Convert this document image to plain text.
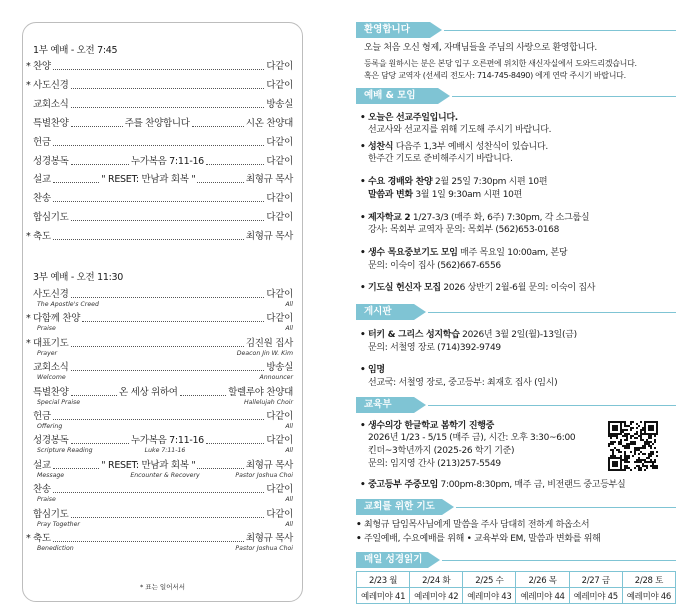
1부 예배 - 오전 7:45
3부 예배 - 오전 11:30
* 표는 일어서서
* 찬양	다같이
* 사도신경	다같이
교회소식	방송실
특별찬양	주를 찬양합니다	시온 찬양대
헌금	다같이
성경봉독	누가복음 7:11-16	다같이
설교	" RESET: 만남과 회복 "	최형규 목사
찬송	다같이
합심기도	다같이
* 축도	최형규 목사
사도신경	다같이
The Apostle's Creed	All
* 다함께 찬양	다같이
Praise	All
* 대표기도	김진원 집사
Prayer	Deacon Jin W. Kim
교회소식	방송실
Welcome	Announcer
특별찬양	온 세상 위하여	할렐루야 찬양대
Special Praise	Hallelujah Choir
헌금	다같이
Offering	All
성경봉독	누가복음 7:11-16	다같이
Scripture Reading	Luke 7:11-16	All
설교	" RESET: 만남과 회복 "	최형규 목사
Message	Encounter & Recovery	Pastor Joshua Choi
찬송	다같이
Praise	All
합심기도	다같이
Pray Together	All
* 축도	최형규 목사
Benediction	Pastor Joshua Choi
환영합니다
오늘 처음 오신 형제, 자매님들을 주님의 사랑으로 환영합니다.
등록을 원하시는 분은 본당 입구 오른편에 위치한 새신자실에서 도와드리겠습니다.
혹은 담당 교역자 (선세리 전도사: 714-745-8490) 에게 연락 주시기 바랍니다.
예배 & 모임
• 오늘은 선교주일입니다.
선교사와 선교지를 위해 기도해 주시기 바랍니다.
• 성찬식 다음주 1,3부 예배시 성찬식이 있습니다.
한주간 기도로 준비해주시기 바랍니다.
• 수요 경배와 찬양 2월 25일 7:30pm 시편 10편
말씀과 변화 3월 1일 9:30am 시편 10편
• 제자학교 2 1/27-3/3 (매주 화, 6주) 7:30pm, 각 소그룹실
강사: 목회부 교역자 문의: 목회부 (562)653-0168
• 생수 목요중보기도 모임 매주 목요일 10:00am, 본당
문의: 이숙이 집사 (562)667-6556
• 기도실 헌신자 모집 2026 상반기 2월-6월 문의: 이숙이 집사
게시판
• 터키 & 그리스 성지학습 2026년 3월 2일(월)-13일(금)
문의: 서철영 장로 (714)392-9749
• 임명
선교국: 서철영 장로, 중고등부: 최재호 집사 (임시)
교육부
• 생수의강 한글학교 봄학기 진행중
2026년 1/23 - 5/15 (매주 금), 시간: 오후 3:30~6:00
킨더~3학년까지 (2025-26 학기 기준)
문의: 임지영 간사 (213)257-5549
• 중고등부 주중모임 7:00pm-8:30pm, 매주 금, 비전랜드 중고등부실
교회를 위한 기도
• 최형규 담임목사님에게 말씀을 주사 담대히 전하게 하옵소서
• 주일예배, 수요예배를 위해 • 교육부와 EM, 말씀과 변화를 위해
매일 성경읽기
2/23 월	2/24 화	2/25 수	2/26 목	2/27 금	2/28 토
예레미야 41	예레미야 42	예레미야 43	예레미야 44	예레미야 45	예레미야 46
